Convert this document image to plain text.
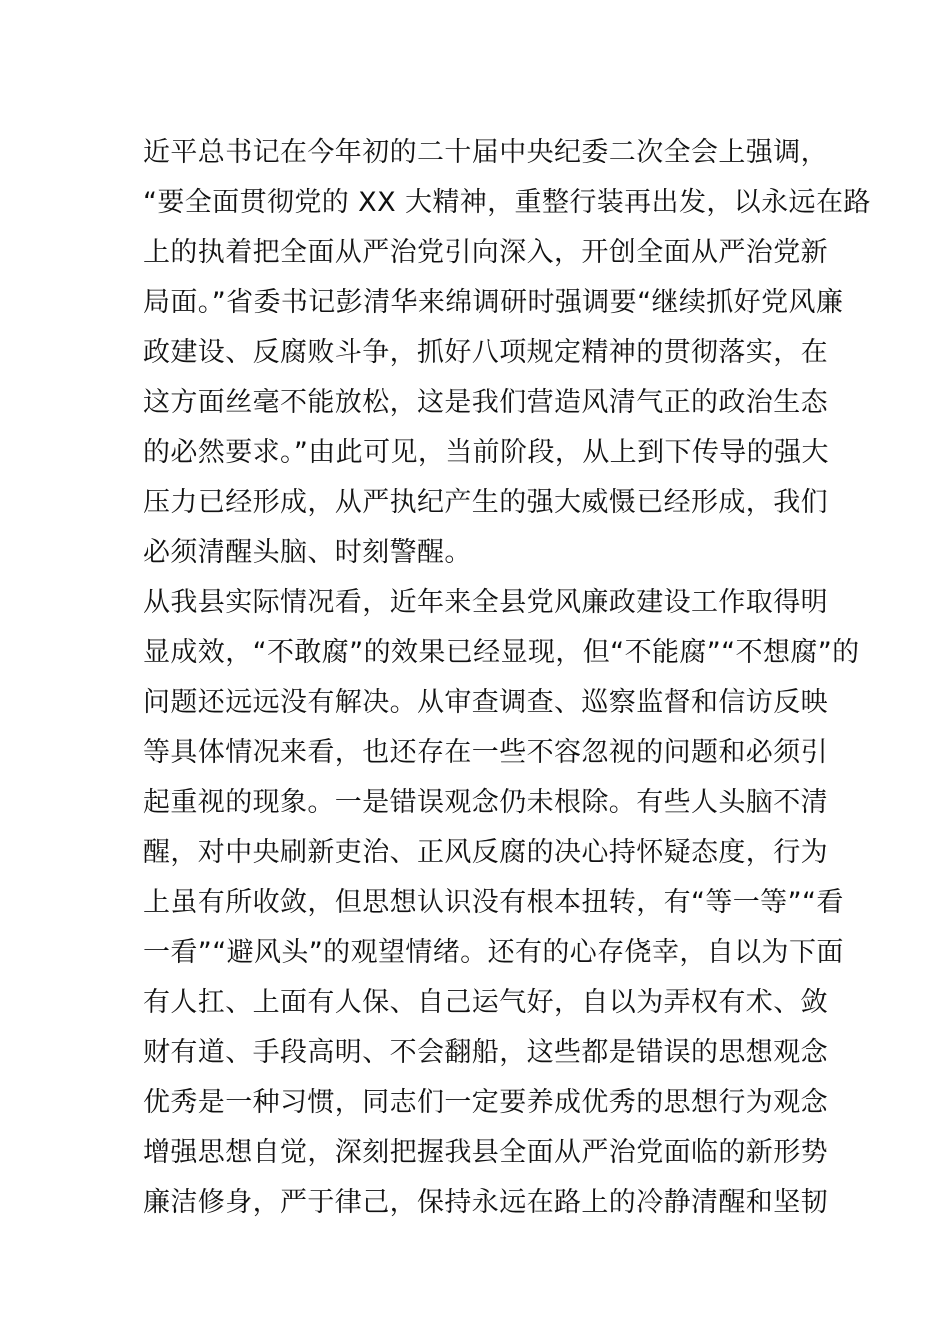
近平总书记在今年初的二十届中央纪委二次全会上强调，
“要全面贯彻党的 XX 大精神，重整行装再出发，以永远在路
上的执着把全面从严治党引向深入，开创全面从严治党新
局面。”省委书记彭清华来绵调研时强调要“继续抓好党风廉
政建设、反腐败斗争，抓好八项规定精神的贯彻落实，在
这方面丝毫不能放松，这是我们营造风清气正的政治生态
的必然要求。”由此可见，当前阶段，从上到下传导的强大
压力已经形成，从严执纪产生的强大威慑已经形成，我们
必须清醒头脑、时刻警醒。
从我县实际情况看，近年来全县党风廉政建设工作取得明
显成效，“不敢腐”的效果已经显现，但“不能腐”“不想腐”的
问题还远远没有解决。从审查调查、巡察监督和信访反映
等具体情况来看，也还存在一些不容忽视的问题和必须引
起重视的现象。一是错误观念仍未根除。有些人头脑不清
醒，对中央刷新吏治、正风反腐的决心持怀疑态度，行为
上虽有所收敛，但思想认识没有根本扭转，有“等一等”“看
一看”“避风头”的观望情绪。还有的心存侥幸，自以为下面
有人扛、上面有人保、自己运气好，自以为弄权有术、敛
财有道、手段高明、不会翻船，这些都是错误的思想观念
优秀是一种习惯，同志们一定要养成优秀的思想行为观念
增强思想自觉，深刻把握我县全面从严治党面临的新形势
廉洁修身，严于律己，保持永远在路上的冷静清醒和坚韧
